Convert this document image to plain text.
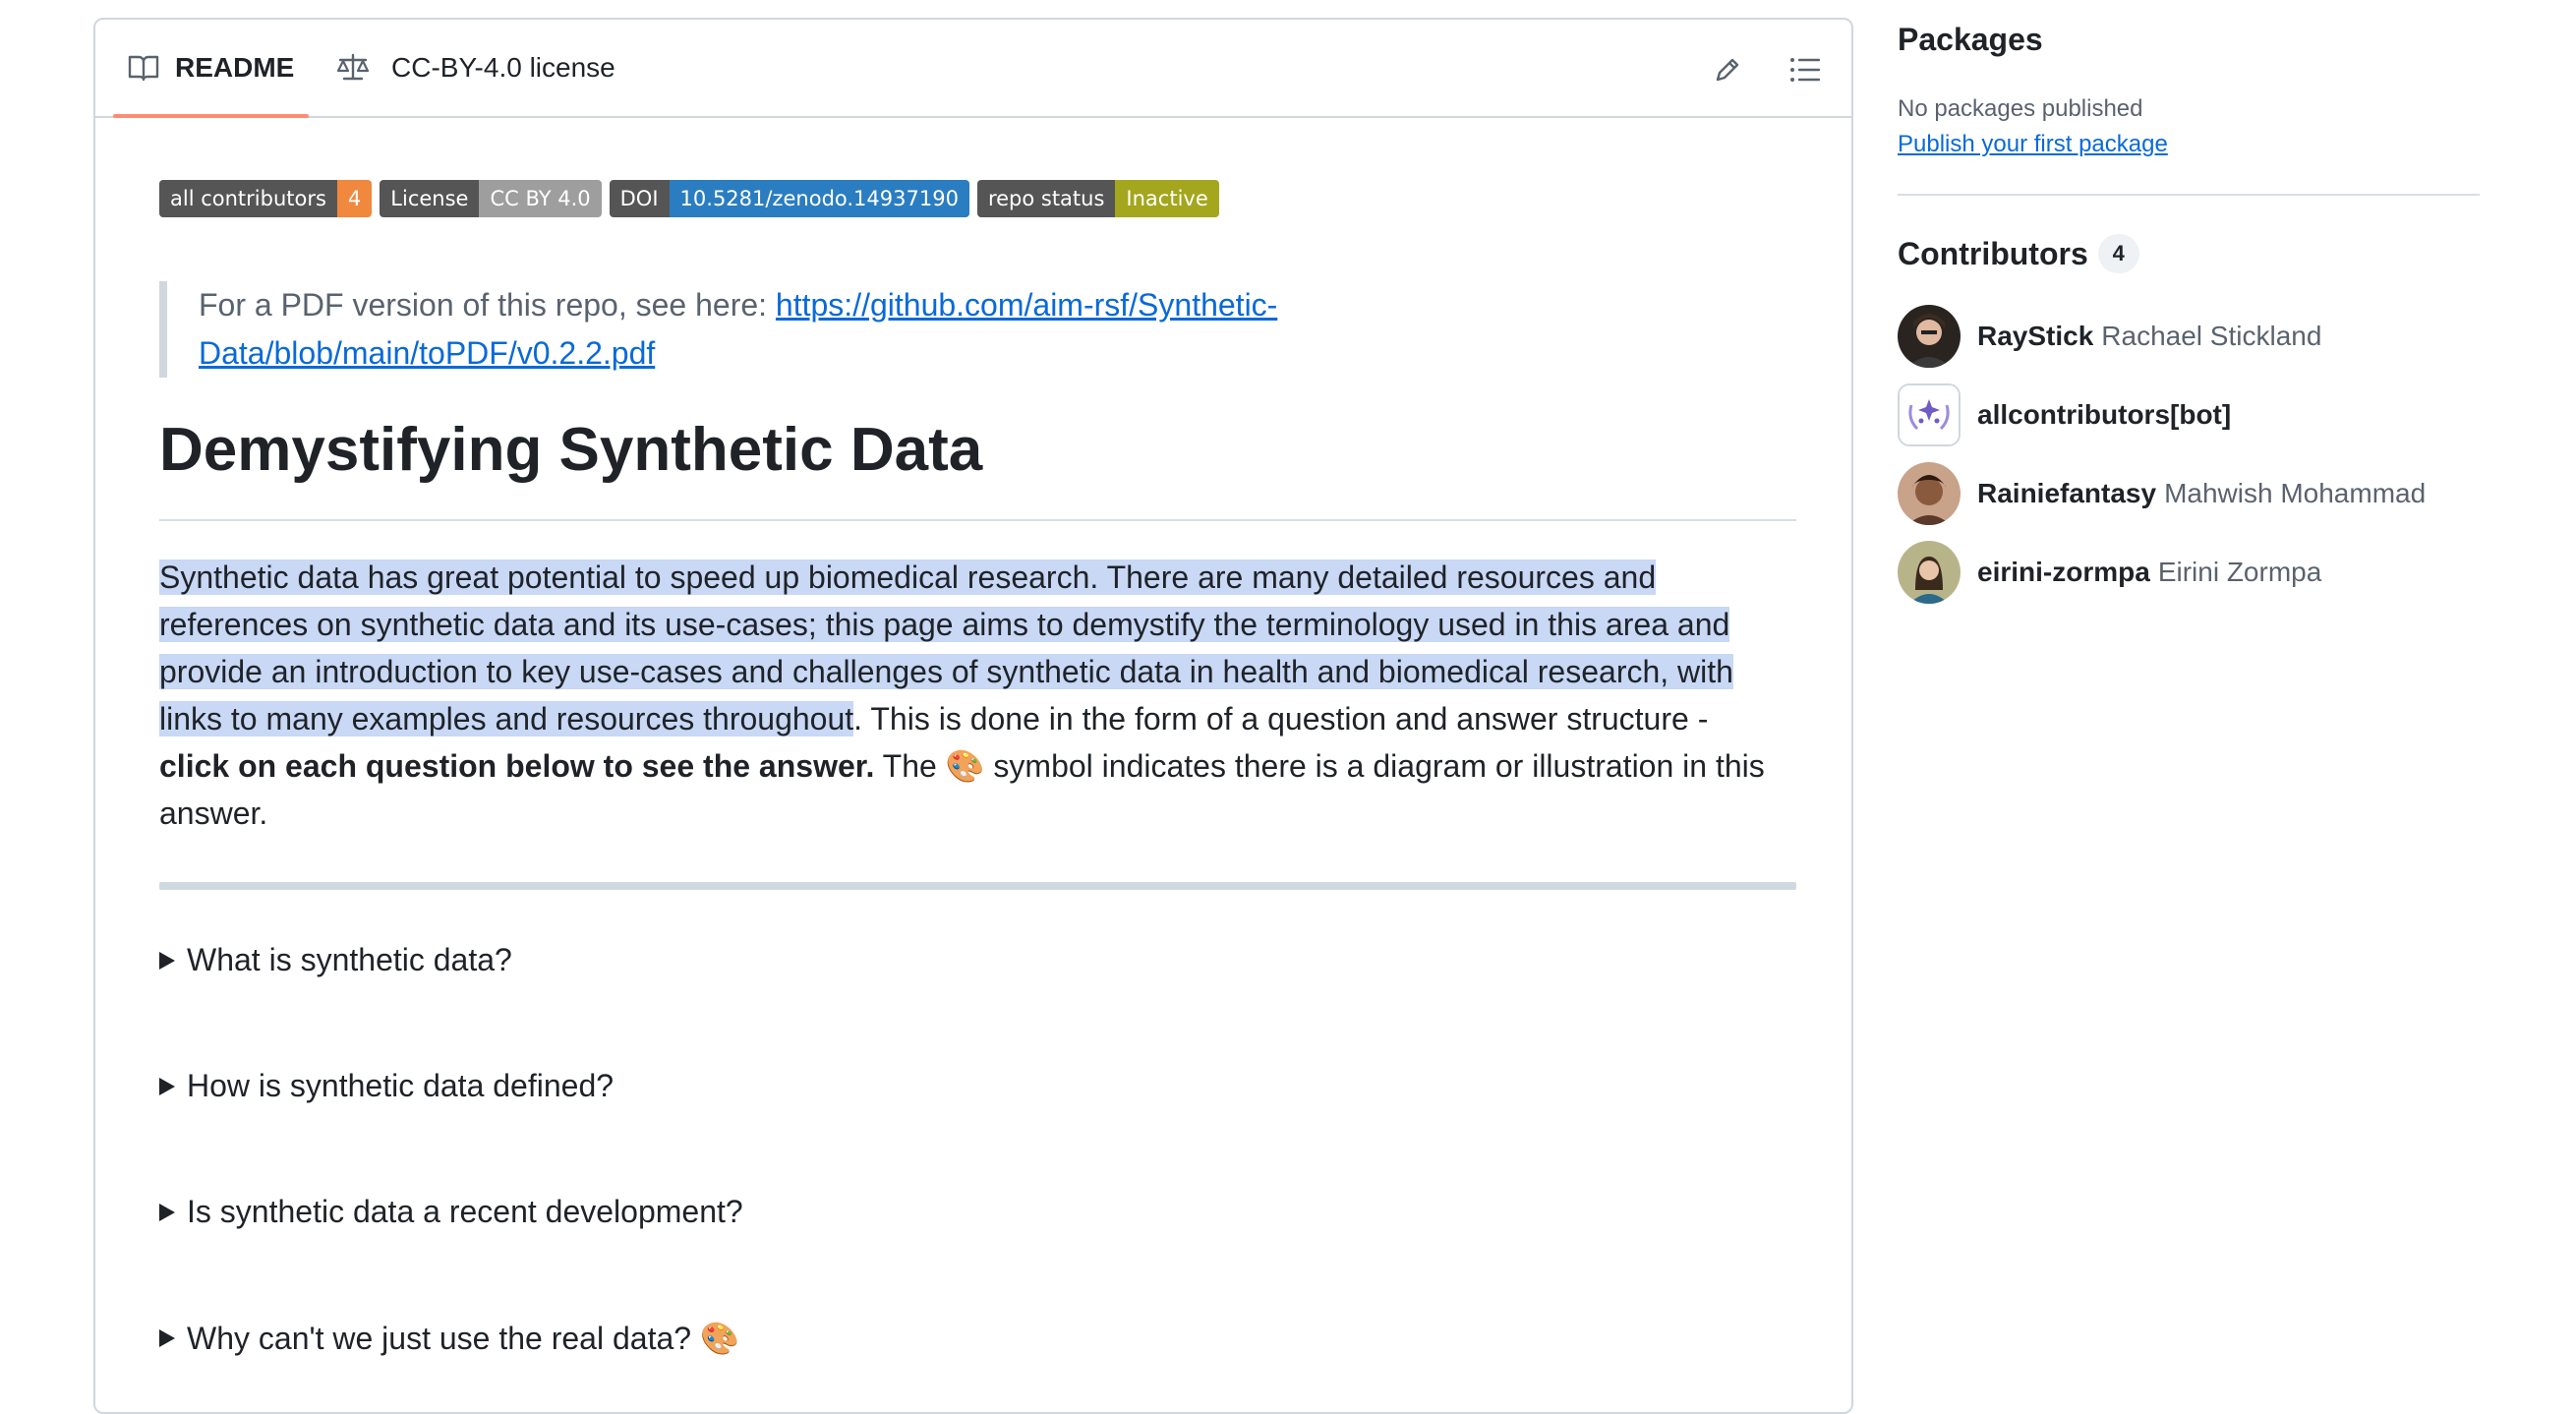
README	CC-BY-4.0 license
all contributors	4	License	CC BY 4.0	DOI	10.5281/zenodo.14937190	repo status	Inactive
For a PDF version of this repo, see here: https://github.com/aim-rsf/Synthetic-
Data/blob/main/toPDF/v0.2.2.pdf
Demystifying Synthetic Data
Synthetic data has great potential to speed up biomedical research. There are many detailed resources and
references on synthetic data and its use-cases; this page aims to demystify the terminology used in this area and
provide an introduction to key use-cases and challenges of synthetic data in health and biomedical research, with
links to many examples and resources throughout. This is done in the form of a question and answer structure -
click on each question below to see the answer. The 🎨 symbol indicates there is a diagram or illustration in this
answer.
What is synthetic data?
How is synthetic data defined?
Is synthetic data a recent development?
Why can't we just use the real data? 🎨
Packages
No packages published
Publish your first package
Contributors	4
RayStick Rachael Stickland
allcontributors[bot]
Rainiefantasy Mahwish Mohammad
eirini-zormpa Eirini Zormpa
